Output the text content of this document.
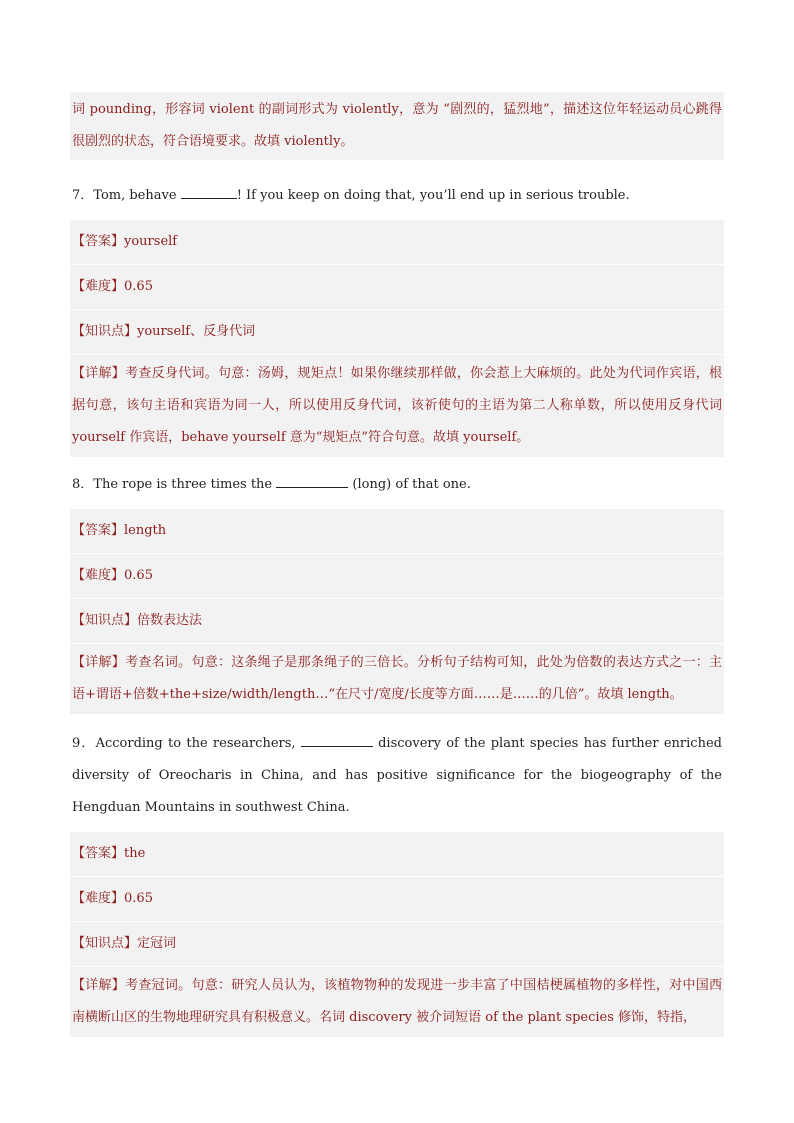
词 pounding，形容词 violent 的副词形式为 violently，意为 “剧烈的，猛烈地”，描述这位年轻运动员心跳得很剧烈的状态，符合语境要求。故填 violently。
7．Tom, behave	! If you keep on doing that, you’ll end up in serious trouble.
【答案】yourself
【难度】0.65
【知识点】yourself、反身代词
【详解】考查反身代词。句意：汤姆，规矩点！如果你继续那样做，你会惹上大麻烦的。此处为代词作宾语，根据句意，该句主语和宾语为同一人，所以使用反身代词，该祈使句的主语为第二人称单数，所以使用反身代词 yourself 作宾语，behave yourself 意为“规矩点”符合句意。故填 yourself。
8．The rope is three times the	(long) of that one.
【答案】length
【难度】0.65
【知识点】倍数表达法
【详解】考查名词。句意：这条绳子是那条绳子的三倍长。分析句子结构可知，此处为倍数的表达方式之一：主语+谓语+倍数+the+size/width/length…“在尺寸/宽度/长度等方面……是……的几倍”。故填 length。
9．According to the researchers,	discovery of the plant species has further enriched diversity of Oreocharis in China, and has positive significance for the biogeography of the Hengduan Mountains in southwest China.
【答案】the
【难度】0.65
【知识点】定冠词
【详解】考查冠词。句意：研究人员认为，该植物物种的发现进一步丰富了中国桔梗属植物的多样性，对中国西南横断山区的生物地理研究具有积极意义。名词 discovery 被介词短语 of the plant species 修饰，特指，
